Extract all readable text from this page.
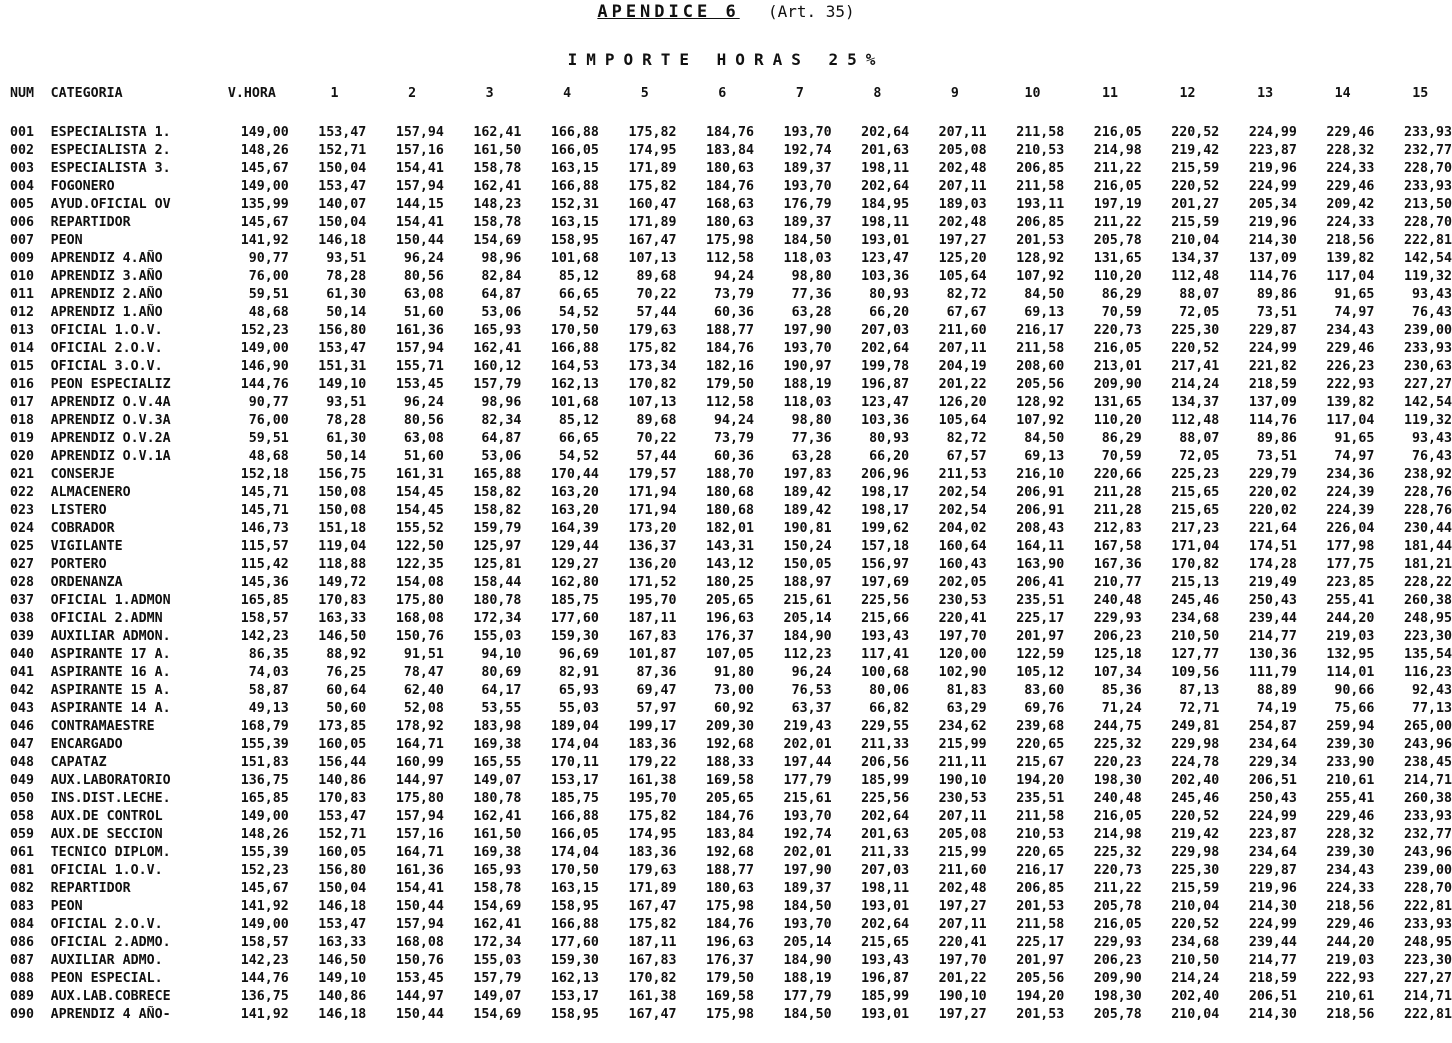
APENDICE 6 (Art. 35)
IMPORTE HORAS 25%
NUM	CATEGORIA	V.HORA	1	2	3	4	5	6	7	8	9	10	11	12	13	14	15
001	ESPECIALISTA 1.	149,00	153,47	157,94	162,41	166,88	175,82	184,76	193,70	202,64	207,11	211,58	216,05	220,52	224,99	229,46	233,93
002	ESPECIALISTA 2.	148,26	152,71	157,16	161,50	166,05	174,95	183,84	192,74	201,63	205,08	210,53	214,98	219,42	223,87	228,32	232,77
003	ESPECIALISTA 3.	145,67	150,04	154,41	158,78	163,15	171,89	180,63	189,37	198,11	202,48	206,85	211,22	215,59	219,96	224,33	228,70
004	FOGONERO	149,00	153,47	157,94	162,41	166,88	175,82	184,76	193,70	202,64	207,11	211,58	216,05	220,52	224,99	229,46	233,93
005	AYUD.OFICIAL OV	135,99	140,07	144,15	148,23	152,31	160,47	168,63	176,79	184,95	189,03	193,11	197,19	201,27	205,34	209,42	213,50
006	REPARTIDOR	145,67	150,04	154,41	158,78	163,15	171,89	180,63	189,37	198,11	202,48	206,85	211,22	215,59	219,96	224,33	228,70
007	PEON	141,92	146,18	150,44	154,69	158,95	167,47	175,98	184,50	193,01	197,27	201,53	205,78	210,04	214,30	218,56	222,81
009	APRENDIZ 4.AÑO	90,77	93,51	96,24	98,96	101,68	107,13	112,58	118,03	123,47	125,20	128,92	131,65	134,37	137,09	139,82	142,54
010	APRENDIZ 3.AÑO	76,00	78,28	80,56	82,84	85,12	89,68	94,24	98,80	103,36	105,64	107,92	110,20	112,48	114,76	117,04	119,32
011	APRENDIZ 2.AÑO	59,51	61,30	63,08	64,87	66,65	70,22	73,79	77,36	80,93	82,72	84,50	86,29	88,07	89,86	91,65	93,43
012	APRENDIZ 1.AÑO	48,68	50,14	51,60	53,06	54,52	57,44	60,36	63,28	66,20	67,67	69,13	70,59	72,05	73,51	74,97	76,43
013	OFICIAL 1.O.V.	152,23	156,80	161,36	165,93	170,50	179,63	188,77	197,90	207,03	211,60	216,17	220,73	225,30	229,87	234,43	239,00
014	OFICIAL 2.O.V.	149,00	153,47	157,94	162,41	166,88	175,82	184,76	193,70	202,64	207,11	211,58	216,05	220,52	224,99	229,46	233,93
015	OFICIAL 3.O.V.	146,90	151,31	155,71	160,12	164,53	173,34	182,16	190,97	199,78	204,19	208,60	213,01	217,41	221,82	226,23	230,63
016	PEON ESPECIALIZ	144,76	149,10	153,45	157,79	162,13	170,82	179,50	188,19	196,87	201,22	205,56	209,90	214,24	218,59	222,93	227,27
017	APRENDIZ O.V.4A	90,77	93,51	96,24	98,96	101,68	107,13	112,58	118,03	123,47	126,20	128,92	131,65	134,37	137,09	139,82	142,54
018	APRENDIZ O.V.3A	76,00	78,28	80,56	82,34	85,12	89,68	94,24	98,80	103,36	105,64	107,92	110,20	112,48	114,76	117,04	119,32
019	APRENDIZ O.V.2A	59,51	61,30	63,08	64,87	66,65	70,22	73,79	77,36	80,93	82,72	84,50	86,29	88,07	89,86	91,65	93,43
020	APRENDIZ O.V.1A	48,68	50,14	51,60	53,06	54,52	57,44	60,36	63,28	66,20	67,57	69,13	70,59	72,05	73,51	74,97	76,43
021	CONSERJE	152,18	156,75	161,31	165,88	170,44	179,57	188,70	197,83	206,96	211,53	216,10	220,66	225,23	229,79	234,36	238,92
022	ALMACENERO	145,71	150,08	154,45	158,82	163,20	171,94	180,68	189,42	198,17	202,54	206,91	211,28	215,65	220,02	224,39	228,76
023	LISTERO	145,71	150,08	154,45	158,82	163,20	171,94	180,68	189,42	198,17	202,54	206,91	211,28	215,65	220,02	224,39	228,76
024	COBRADOR	146,73	151,18	155,52	159,79	164,39	173,20	182,01	190,81	199,62	204,02	208,43	212,83	217,23	221,64	226,04	230,44
025	VIGILANTE	115,57	119,04	122,50	125,97	129,44	136,37	143,31	150,24	157,18	160,64	164,11	167,58	171,04	174,51	177,98	181,44
027	PORTERO	115,42	118,88	122,35	125,81	129,27	136,20	143,12	150,05	156,97	160,43	163,90	167,36	170,82	174,28	177,75	181,21
028	ORDENANZA	145,36	149,72	154,08	158,44	162,80	171,52	180,25	188,97	197,69	202,05	206,41	210,77	215,13	219,49	223,85	228,22
037	OFICIAL 1.ADMON	165,85	170,83	175,80	180,78	185,75	195,70	205,65	215,61	225,56	230,53	235,51	240,48	245,46	250,43	255,41	260,38
038	OFICIAL 2.ADMN	158,57	163,33	168,08	172,34	177,60	187,11	196,63	205,14	215,66	220,41	225,17	229,93	234,68	239,44	244,20	248,95
039	AUXILIAR ADMON.	142,23	146,50	150,76	155,03	159,30	167,83	176,37	184,90	193,43	197,70	201,97	206,23	210,50	214,77	219,03	223,30
040	ASPIRANTE 17 A.	86,35	88,92	91,51	94,10	96,69	101,87	107,05	112,23	117,41	120,00	122,59	125,18	127,77	130,36	132,95	135,54
041	ASPIRANTE 16 A.	74,03	76,25	78,47	80,69	82,91	87,36	91,80	96,24	100,68	102,90	105,12	107,34	109,56	111,79	114,01	116,23
042	ASPIRANTE 15 A.	58,87	60,64	62,40	64,17	65,93	69,47	73,00	76,53	80,06	81,83	83,60	85,36	87,13	88,89	90,66	92,43
043	ASPIRANTE 14 A.	49,13	50,60	52,08	53,55	55,03	57,97	60,92	63,37	66,82	63,29	69,76	71,24	72,71	74,19	75,66	77,13
046	CONTRAMAESTRE	168,79	173,85	178,92	183,98	189,04	199,17	209,30	219,43	229,55	234,62	239,68	244,75	249,81	254,87	259,94	265,00
047	ENCARGADO	155,39	160,05	164,71	169,38	174,04	183,36	192,68	202,01	211,33	215,99	220,65	225,32	229,98	234,64	239,30	243,96
048	CAPATAZ	151,83	156,44	160,99	165,55	170,11	179,22	188,33	197,44	206,56	211,11	215,67	220,23	224,78	229,34	233,90	238,45
049	AUX.LABORATORIO	136,75	140,86	144,97	149,07	153,17	161,38	169,58	177,79	185,99	190,10	194,20	198,30	202,40	206,51	210,61	214,71
050	INS.DIST.LECHE.	165,85	170,83	175,80	180,78	185,75	195,70	205,65	215,61	225,56	230,53	235,51	240,48	245,46	250,43	255,41	260,38
058	AUX.DE CONTROL	149,00	153,47	157,94	162,41	166,88	175,82	184,76	193,70	202,64	207,11	211,58	216,05	220,52	224,99	229,46	233,93
059	AUX.DE SECCION	148,26	152,71	157,16	161,50	166,05	174,95	183,84	192,74	201,63	205,08	210,53	214,98	219,42	223,87	228,32	232,77
061	TECNICO DIPLOM.	155,39	160,05	164,71	169,38	174,04	183,36	192,68	202,01	211,33	215,99	220,65	225,32	229,98	234,64	239,30	243,96
081	OFICIAL 1.O.V.	152,23	156,80	161,36	165,93	170,50	179,63	188,77	197,90	207,03	211,60	216,17	220,73	225,30	229,87	234,43	239,00
082	REPARTIDOR	145,67	150,04	154,41	158,78	163,15	171,89	180,63	189,37	198,11	202,48	206,85	211,22	215,59	219,96	224,33	228,70
083	PEON	141,92	146,18	150,44	154,69	158,95	167,47	175,98	184,50	193,01	197,27	201,53	205,78	210,04	214,30	218,56	222,81
084	OFICIAL 2.O.V.	149,00	153,47	157,94	162,41	166,88	175,82	184,76	193,70	202,64	207,11	211,58	216,05	220,52	224,99	229,46	233,93
086	OFICIAL 2.ADMO.	158,57	163,33	168,08	172,34	177,60	187,11	196,63	205,14	215,65	220,41	225,17	229,93	234,68	239,44	244,20	248,95
087	AUXILIAR ADMO.	142,23	146,50	150,76	155,03	159,30	167,83	176,37	184,90	193,43	197,70	201,97	206,23	210,50	214,77	219,03	223,30
088	PEON ESPECIAL.	144,76	149,10	153,45	157,79	162,13	170,82	179,50	188,19	196,87	201,22	205,56	209,90	214,24	218,59	222,93	227,27
089	AUX.LAB.COBRECE	136,75	140,86	144,97	149,07	153,17	161,38	169,58	177,79	185,99	190,10	194,20	198,30	202,40	206,51	210,61	214,71
090	APRENDIZ 4 AÑO-	141,92	146,18	150,44	154,69	158,95	167,47	175,98	184,50	193,01	197,27	201,53	205,78	210,04	214,30	218,56	222,81
